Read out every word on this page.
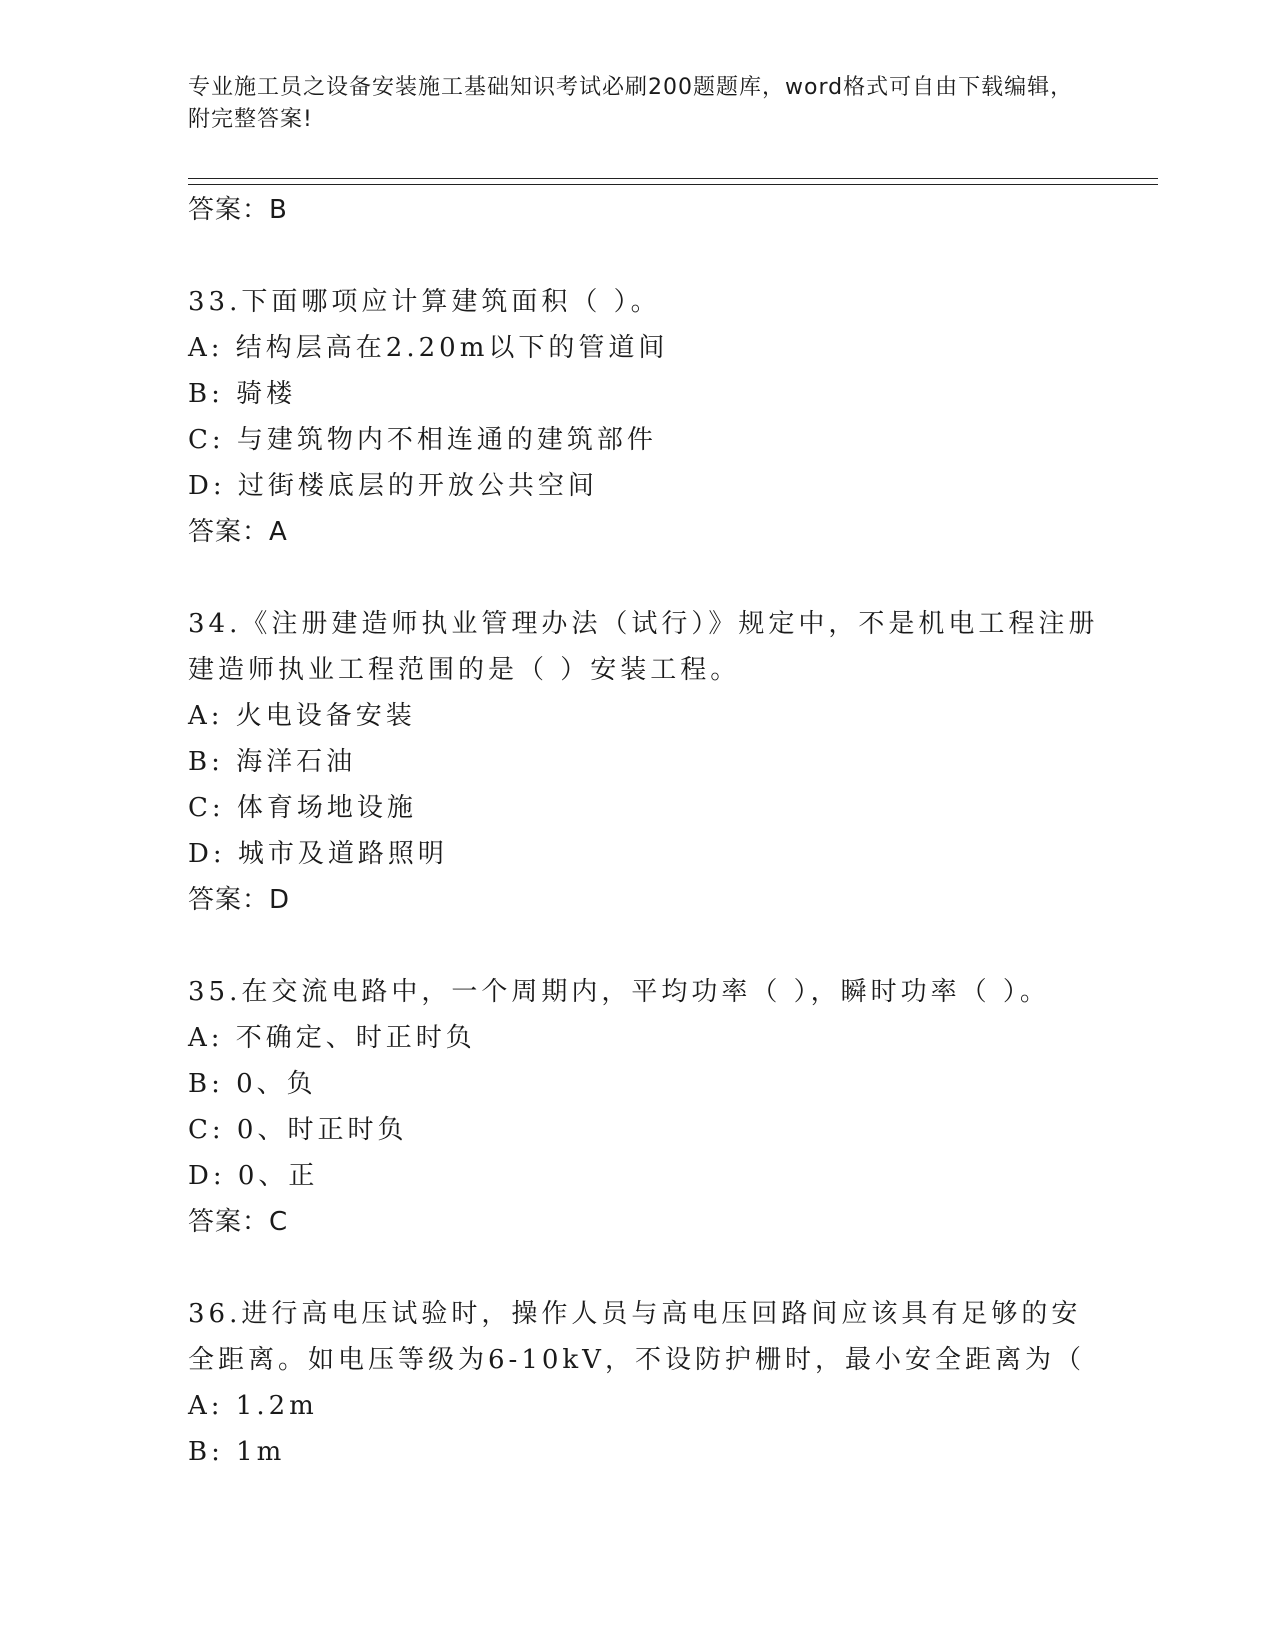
专业施工员之设备安装施工基础知识考试必刷200题题库，word格式可自由下载编辑，附完整答案!
答案：B
33.下面哪项应计算建筑面积（ ）。
A: 结构层高在2.20m以下的管道间
B: 骑楼
C: 与建筑物内不相连通的建筑部件
D: 过街楼底层的开放公共空间
答案：A
34.《注册建造师执业管理办法（试行）》规定中，不是机电工程注册建造师执业工程范围的是（ ）安装工程。
A: 火电设备安装
B: 海洋石油
C: 体育场地设施
D: 城市及道路照明
答案：D
35.在交流电路中，一个周期内，平均功率（ ），瞬时功率（ ）。
A: 不确定、时正时负
B: 0、负
C: 0、时正时负
D: 0、正
答案：C
36.进行高电压试验时，操作人员与高电压回路间应该具有足够的安全距离。如电压等级为6-10kV，不设防护栅时，最小安全距离为（
A: 1.2m
B: 1m
